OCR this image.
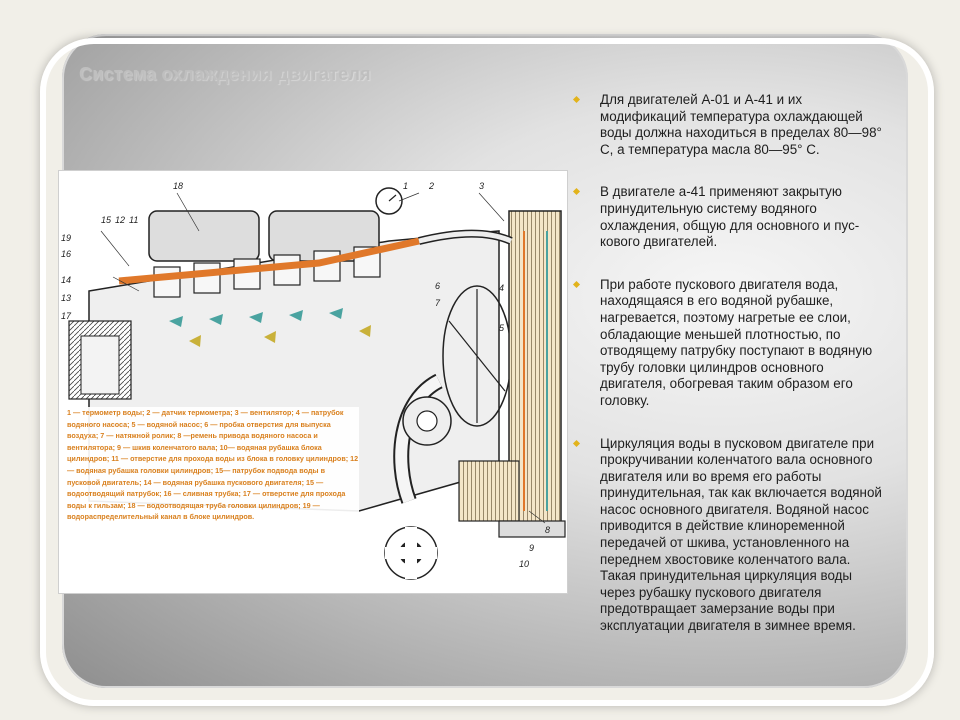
Система охлаждения двигателя
19
1 2	3
18
15 12 11
16
14
13
17
4
5
6
7
8
9
10
1 — термометр воды; 2 — датчик термометра; 3 — вентилятор; 4 — патрубок водяного насоса; 5 — водяной насос; 6 — пробка отверстия для выпуска воздуха; 7 — натяжной ролик; 8 —ремень привода водяного насоса и вентилятора; 9 — шкив коленчатого вала; 10— водяная рубашка блока цилиндров; 11 — отверстие для прохода воды из блока в головку цилиндров; 12 — водяная рубашка головки цилиндров; 15— патрубок подвода воды в пусковой двигатель; 14 — водяная рубашка пускового двигателя; 15 — водоотводящий патрубок; 16 — сливная трубка; 17 — отверстие для прохода воды к гильзам; 18 — водоотводящая труба головки цилиндров; 19 — водораспределительный канал в блоке цилиндров.
Для двигателей А-01 и А-41 и их модификаций температура охлаждающей воды должна находиться в пределах 80—98° С, а температура масла 80—95° С.
В двигателе а-41 применяют закрытую принудительную систему водяного охлаждения, общую для основного и пус-кового двигателей.
При работе пускового двигателя вода, находящаяся в его водяной рубашке, нагревается, поэтому нагретые ее слои, обладающие меньшей плотностью, по отводящему патрубку поступают в водяную трубу головки цилиндров основного двигателя, обогревая таким образом его головку.
Циркуляция воды в пусковом двигателе при прокручивании коленчатого вала основного двигателя или во время его работы принудительная, так как включается водяной насос основного двигателя. Водяной насос приводится в действие клиноременной передачей от шкива, установленного на переднем хвостовике коленчатого вала. Такая принудительная циркуляция воды через рубашку пускового двигателя предотвращает замерзание воды при эксплуатации двигателя в зимнее время.
